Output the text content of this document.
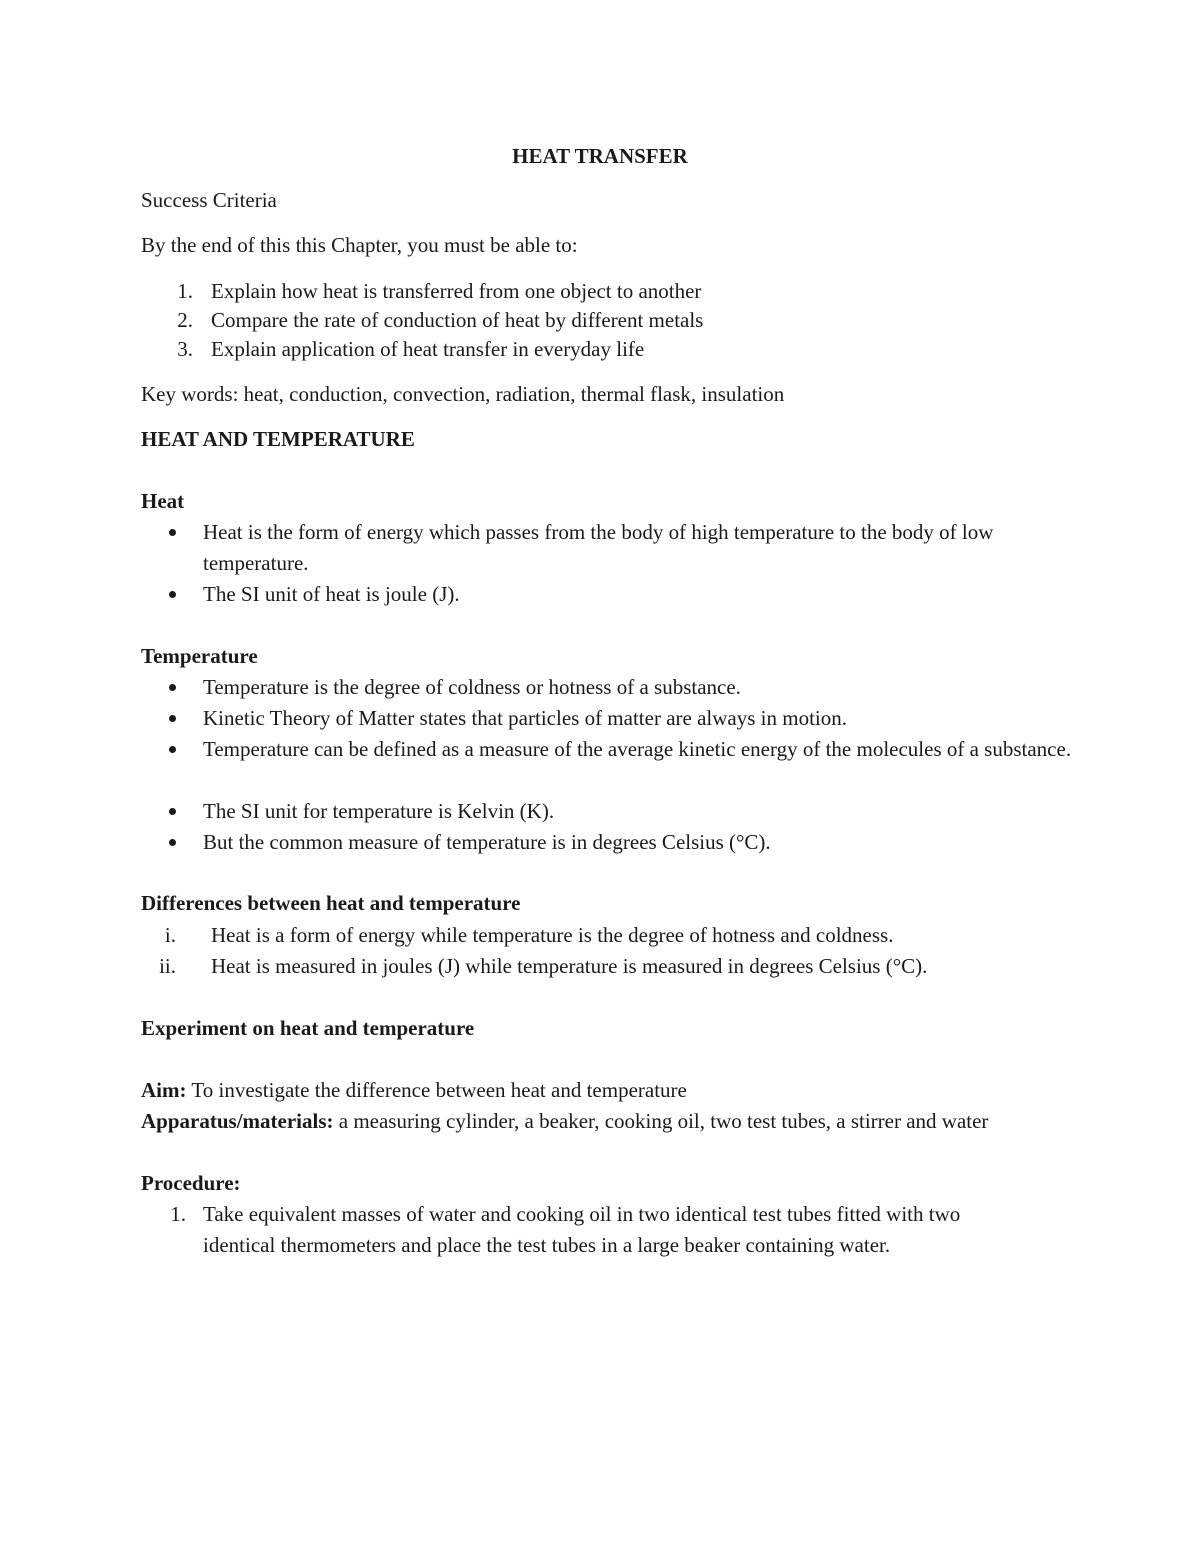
HEAT TRANSFER
Success Criteria
By the end of this this Chapter, you must be able to:
1. Explain how heat is transferred from one object to another
2. Compare the rate of conduction of heat by different metals
3. Explain application of heat transfer in everyday life
Key words: heat, conduction, convection, radiation, thermal flask, insulation
HEAT AND TEMPERATURE
Heat
Heat is the form of energy which passes from the body of high temperature to the body of low temperature.
The SI unit of heat is joule (J).
Temperature
Temperature is the degree of coldness or hotness of a substance.
Kinetic Theory of Matter states that particles of matter are always in motion.
Temperature can be defined as a measure of the average kinetic energy of the molecules of a substance.
The SI unit for temperature is Kelvin (K).
But the common measure of temperature is in degrees Celsius (°C).
Differences between heat and temperature
i. Heat is a form of energy while temperature is the degree of hotness and coldness.
ii. Heat is measured in joules (J) while temperature is measured in degrees Celsius (°C).
Experiment on heat and temperature
Aim: To investigate the difference between heat and temperature
Apparatus/materials: a measuring cylinder, a beaker, cooking oil, two test tubes, a stirrer and water
Procedure:
1. Take equivalent masses of water and cooking oil in two identical test tubes fitted with two identical thermometers and place the test tubes in a large beaker containing water.
